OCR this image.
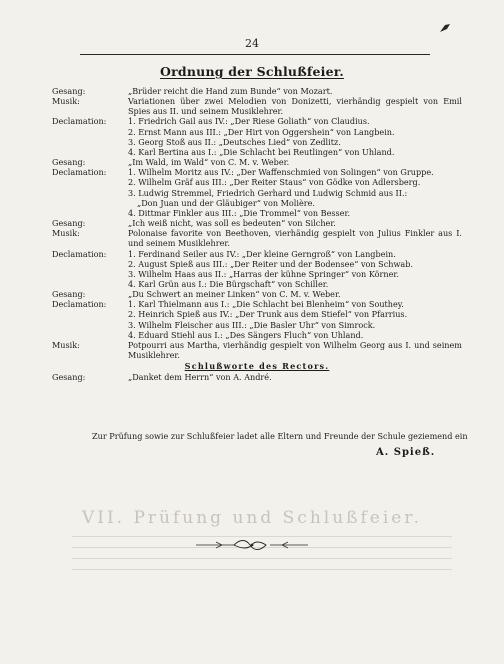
24
Ordnung der Schlußfeier.
Gesang:	„Brüder reicht die Hand zum Bunde“ von Mozart.
Musik:	Variationen über zwei Melodien von Donizetti, vierhändig gespielt von Emil Spies aus II. und seinem Musiklehrer.
Declamation:	1. Friedrich Gail aus IV.: „Der Riese Goliath“ von Claudius.
2. Ernst Mann aus III.: „Der Hirt von Oggershein“ von Langbein.
3. Georg Stoß aus II.: „Deutsches Lied“ von Zedlitz.
4. Karl Bertina aus I.: „Die Schlacht bei Reutlingen“ von Uhland.
Gesang:	„Im Wald, im Wald“ von C. M. v. Weber.
Declamation:	1. Wilhelm Moritz aus IV.: „Der Waffenschmied von Solingen“ von Gruppe.
2. Wilhelm Gräf aus III.: „Der Reiter Staus“ von Gödke von Adlersberg.
3. Ludwig Stremmel, Friedrich Gerhard und Ludwig Schmid aus II.:
„Don Juan und der Gläubiger“ von Molière.
4. Dittmar Finkler aus III.: „Die Trommel“ von Besser.
Gesang:	„Ich weiß nicht, was soll es bedeuten“ von Silcher.
Musik:	Polonaise favorite von Beethoven, vierhändig gespielt von Julius Finkler aus I. und seinem Musiklehrer.
Declamation:	1. Ferdinand Seiler aus IV.: „Der kleine Gerngroß“ von Langbein.
2. August Spieß aus III.: „Der Reiter und der Bodensee“ von Schwab.
3. Wilhelm Haas aus II.: „Harras der kühne Springer“ von Körner.
4. Karl Grün aus I.: Die Bürgschaft“ von Schiller.
Gesang:	„Du Schwert an meiner Linken“ von C. M. v. Weber.
Declamation:	1. Karl Thielmann aus I.: „Die Schlacht bei Blenheim“ von Southey.
2. Heinrich Spieß aus IV.: „Der Trunk aus dem Stiefel“ von Pfarrius.
3. Wilhelm Fleischer aus III.: „Die Basler Uhr“ von Simrock.
4. Eduard Stiehl aus I.: „Des Sängers Fluch“ von Uhland.
Musik:	Potpourri aus Martha, vierhändig gespielt von Wilhelm Georg aus I. und seinem Musiklehrer.
Schlußworte des Rectors.
Gesang:	„Danket dem Herrn“ von A. André.
VII. Prüfung und Schlußfeier.
Zur Prüfung sowie zur Schlußfeier ladet alle Eltern und Freunde der Schule geziemend ein
A. Spieß.
